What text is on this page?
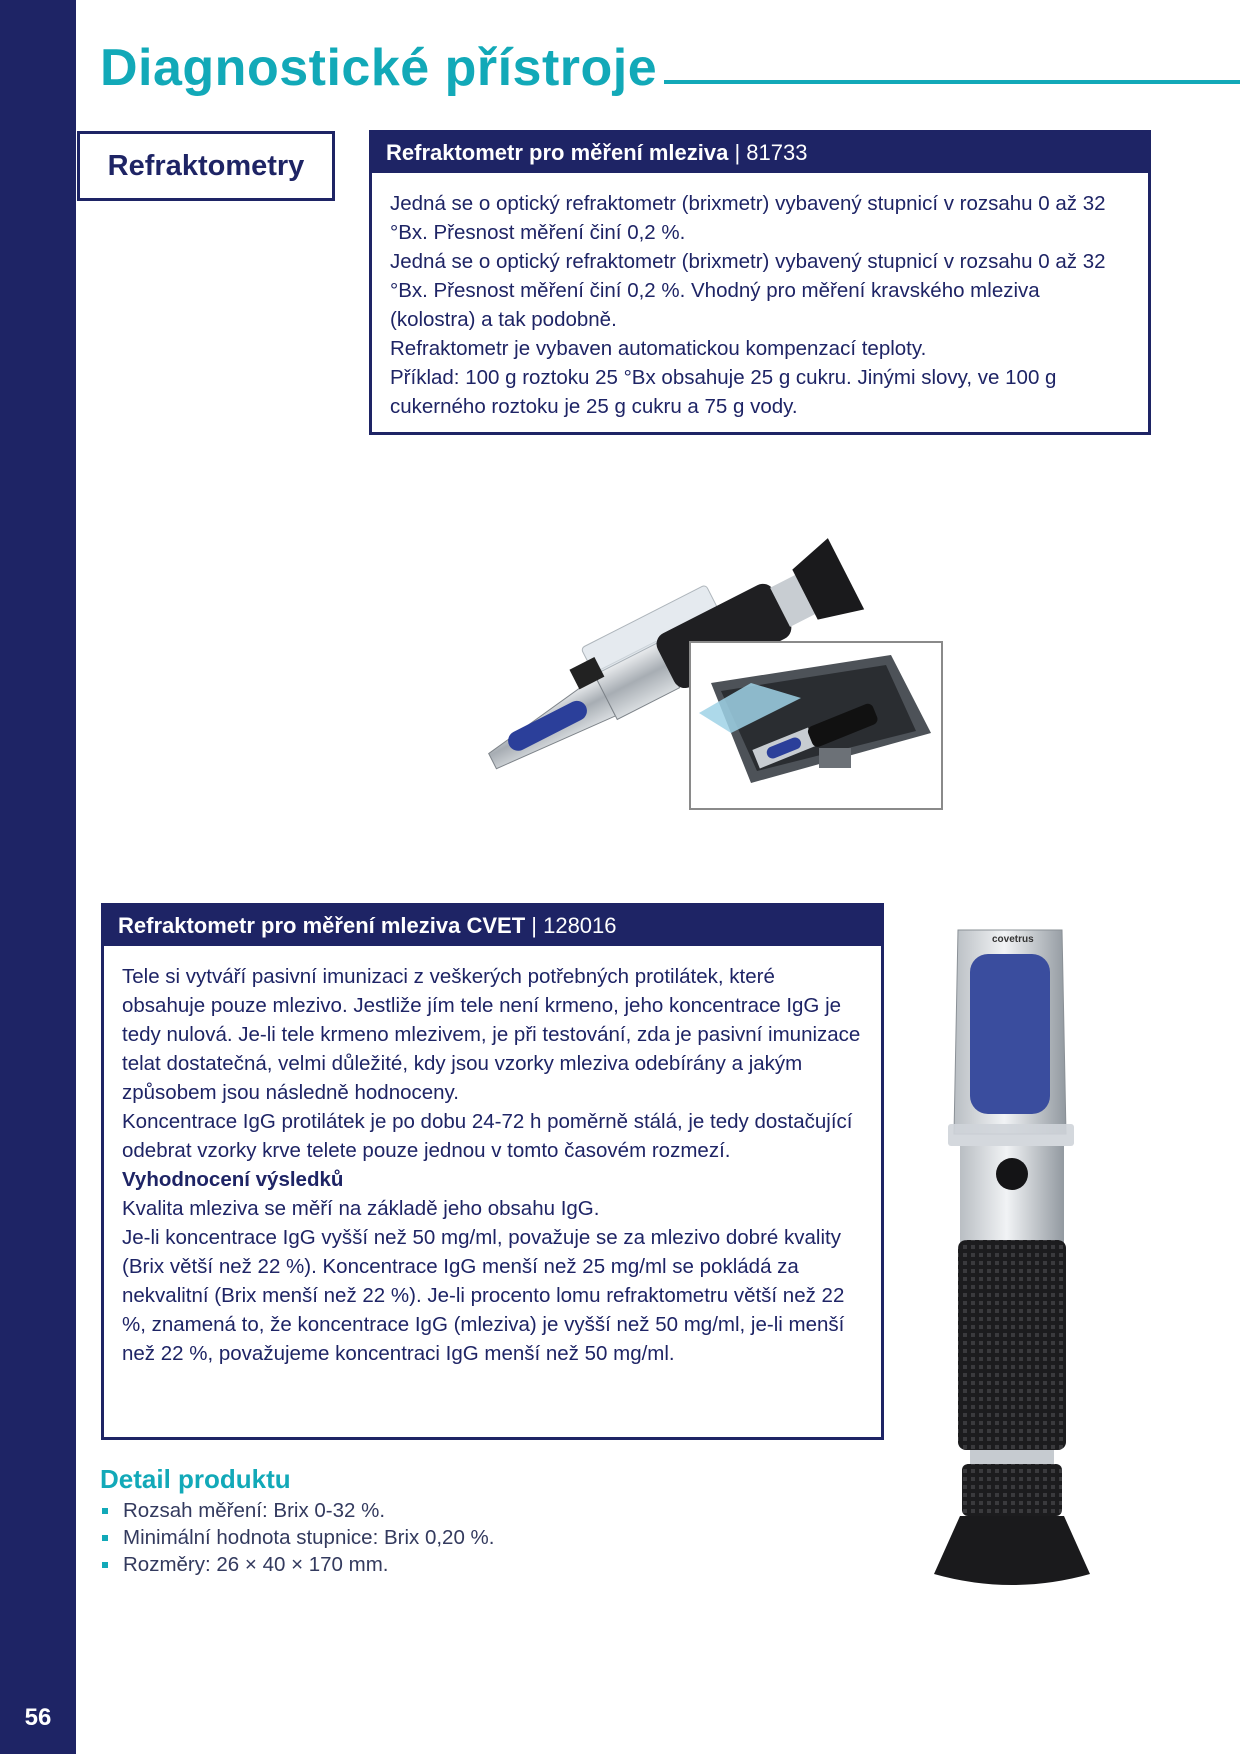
56
Diagnostické přístroje
Refraktometry	Refraktometr pro měření mleziva | 81733

Jedná se o optický refraktometr (brixmetr) vybavený stupnicí v rozsahu 0 až 32 °Bx. Přesnost měření činí 0,2 %.

Jedná se o optický refraktometr (brixmetr) vybavený stupnicí v rozsahu 0 až 32 °Bx. Přesnost měření činí 0,2 %. Vhodný pro měření kravského mleziva (kolostra) a tak podobně.

Refraktometr je vybaven automatickou kompenzací teploty.

Příklad: 100 g roztoku 25 °Bx obsahuje 25 g cukru. Jinými slovy, ve 100 g cukerného roztoku je 25 g cukru a 75 g vody.

Refraktometr pro měření mleziva CVET | 128016

Tele si vytváří pasivní imunizaci z veškerých potřebných protilátek, které obsahuje pouze mlezivo. Jestliže jím tele není krmeno, jeho koncentrace IgG je tedy nulová. Je-li tele krmeno mlezivem, je při testování, zda je pasivní imunizace telat dostatečná, velmi důležité, kdy jsou vzorky mleziva odebírány a jakým způsobem jsou následně hodnoceny.

Koncentrace IgG protilátek je po dobu 24-72 h poměrně stálá, je tedy dostačující odebrat vzorky krve telete pouze jednou v tomto časovém rozmezí.

Vyhodnocení výsledků

Kvalita mleziva se měří na základě jeho obsahu IgG.

Je-li koncentrace IgG vyšší než 50 mg/ml, považuje se za mlezivo dobré kvality (Brix větší než 22 %). Koncentrace IgG menší než 25 mg/ml se pokládá za nekvalitní (Brix menší než 22 %). Je-li procento lomu refraktometru větší než 22 %, znamená to, že koncentrace IgG (mleziva) je vyšší než 50 mg/ml, je-li menší než 22 %, považujeme koncentraci IgG menší než 50 mg/ml.

covetrus
Detail produktu
Rozsah měření: Brix 0-32 %.
Minimální hodnota stupnice: Brix 0,20 %.
Rozměry: 26 × 40 × 170 mm.
